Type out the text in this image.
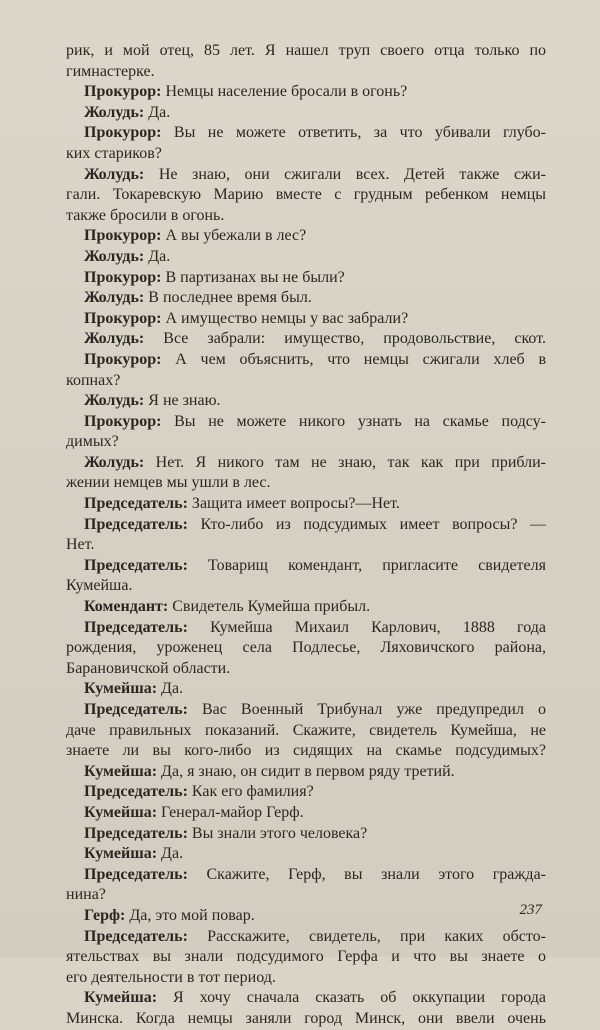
рик, и мой отец, 85 лет. Я нашел труп своего отца только по
гимнастерке.
Прокурор: Немцы население бросали в огонь?
Жолудь: Да.
Прокурор: Вы не можете ответить, за что убивали глубо-
ких стариков?
Жолудь: Не знаю, они сжигали всех. Детей также сжи-
гали. Токаревскую Марию вместе с грудным ребенком немцы
также бросили в огонь.
Прокурор: А вы убежали в лес?
Жолудь: Да.
Прокурор: В партизанах вы не были?
Жолудь: В последнее время был.
Прокурор: А имущество немцы у вас забрали?
Жолудь: Все забрали: имущество, продовольствие, скот.
Прокурор: А чем объяснить, что немцы сжигали хлеб в
копнах?
Жолудь: Я не знаю.
Прокурор: Вы не можете никого узнать на скамье подсу-
димых?
Жолудь: Нет. Я никого там не знаю, так как при прибли-
жении немцев мы ушли в лес.
Председатель: Защита имеет вопросы?—Нет.
Председатель: Кто-либо из подсудимых имеет вопросы? —
Нет.
Председатель: Товарищ комендант, пригласите свидетеля
Кумейша.
Комендант: Свидетель Кумейша прибыл.
Председатель: Кумейша Михаил Карлович, 1888 года
рождения, уроженец села Подлесье, Ляховичского района,
Барановичской области.
Кумейша: Да.
Председатель: Вас Военный Трибунал уже предупредил о
даче правильных показаний. Скажите, свидетель Кумейша, не
знаете ли вы кого-либо из сидящих на скамье подсудимых?
Кумейша: Да, я знаю, он сидит в первом ряду третий.
Председатель: Как его фамилия?
Кумейша: Генерал-майор Герф.
Председатель: Вы знали этого человека?
Кумейша: Да.
Председатель: Скажите, Герф, вы знали этого гражда-
нина?
Герф: Да, это мой повар.
Председатель: Расскажите, свидетель, при каких обсто-
ятельствах вы знали подсудимого Герфа и что вы знаете о
его деятельности в тот период.
Кумейша: Я хочу сначала сказать об оккупации города
Минска. Когда немцы заняли город Минск, они ввели очень
237
